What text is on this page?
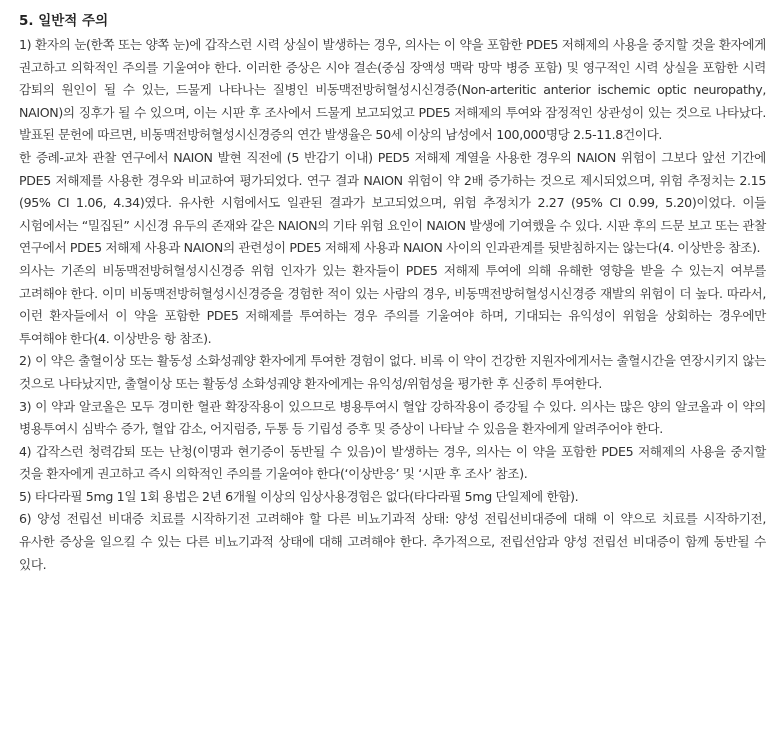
5. 일반적 주의

1) 환자의 눈(한쪽 또는 양쪽 눈)에 갑작스런 시력 상실이 발생하는 경우, 의사는 이 약을 포함한 PDE5 저해제의 사용을 중지할 것을 환자에게 권고하고 의학적인 주의를 기울여야 한다. 이러한 증상은 시야 결손(중심 장액성 맥락 망막 병증 포함) 및 영구적인 시력 상실을 포함한 시력 감퇴의 원인이 될 수 있는, 드물게 나타나는 질병인 비동맥전방허혈성시신경증(Non-arteritic anterior ischemic optic neuropathy, NAION)의 징후가 될 수 있으며, 이는 시판 후 조사에서 드물게 보고되었고 PDE5 저해제의 투여와 잠정적인 상관성이 있는 것으로 나타났다. 발표된 문헌에 따르면, 비동맥전방허혈성시신경증의 연간 발생율은 50세 이상의 남성에서 100,000명당 2.5-11.8건이다.

한 증례-교차 관찰 연구에서 NAION 발현 직전에 (5 반감기 이내) PED5 저해제 계열을 사용한 경우의 NAION 위험이 그보다 앞선 기간에 PDE5 저해제를 사용한 경우와 비교하여 평가되었다. 연구 결과 NAION 위험이 약 2배 증가하는 것으로 제시되었으며, 위험 추정치는 2.15 (95% CI 1.06, 4.34)였다. 유사한 시험에서도 일관된 결과가 보고되었으며, 위험 추정치가 2.27 (95% CI 0.99, 5.20)이었다. 이들 시험에서는 “밀집된” 시신경 유두의 존재와 같은 NAION의 기타 위험 요인이 NAION 발생에 기여했을 수 있다. 시판 후의 드문 보고 또는 관찰 연구에서 PDE5 저해제 사용과 NAION의 관련성이 PDE5 저해제 사용과 NAION 사이의 인과관계를 뒷받침하지는 않는다(4. 이상반응 참조).

의사는 기존의 비동맥전방허혈성시신경증 위험 인자가 있는 환자들이 PDE5 저해제 투여에 의해 유해한 영향을 받을 수 있는지 여부를 고려해야 한다. 이미 비동맥전방허혈성시신경증을 경험한 적이 있는 사람의 경우, 비동맥전방허혈성시신경증 재발의 위험이 더 높다. 따라서, 이런 환자들에서 이 약을 포함한 PDE5 저해제를 투여하는 경우 주의를 기울여야 하며, 기대되는 유익성이 위험을 상회하는 경우에만 투여해야 한다(4. 이상반응 항 참조).

2) 이 약은 출혈이상 또는 활동성 소화성궤양 환자에게 투여한 경험이 없다. 비록 이 약이 건강한 지원자에게서는 출혈시간을 연장시키지 않는 것으로 나타났지만, 출혈이상 또는 활동성 소화성궤양 환자에게는 유익성/위험성을 평가한 후 신중히 투여한다.

3) 이 약과 알코올은 모두 경미한 혈관 확장작용이 있으므로 병용투여시 혈압 강하작용이 증강될 수 있다. 의사는 많은 양의 알코올과 이 약의 병용투여시 심박수 증가, 혈압 감소, 어지럼증, 두통 등 기립성 증후 및 증상이 나타날 수 있음을 환자에게 알려주어야 한다.

4) 갑작스런 청력감퇴 또는 난청(이명과 현기증이 동반될 수 있음)이 발생하는 경우, 의사는 이 약을 포함한 PDE5 저해제의 사용을 중지할 것을 환자에게 권고하고 즉시 의학적인 주의를 기울여야 한다(‘이상반응’ 및 ‘시판 후 조사’ 참조).

5) 타다라필 5mg 1일 1회 용법은 2년 6개월 이상의 임상사용경험은 없다(타다라필 5mg 단일제에 한함).

6) 양성 전립선 비대증 치료를 시작하기전 고려해야 할 다른 비뇨기과적 상태: 양성 전립선비대증에 대해 이 약으로 치료를 시작하기전, 유사한 증상을 일으킬 수 있는 다른 비뇨기과적 상태에 대해 고려해야 한다. 추가적으로, 전립선암과 양성 전립선 비대증이 함께 동반될 수 있다.
